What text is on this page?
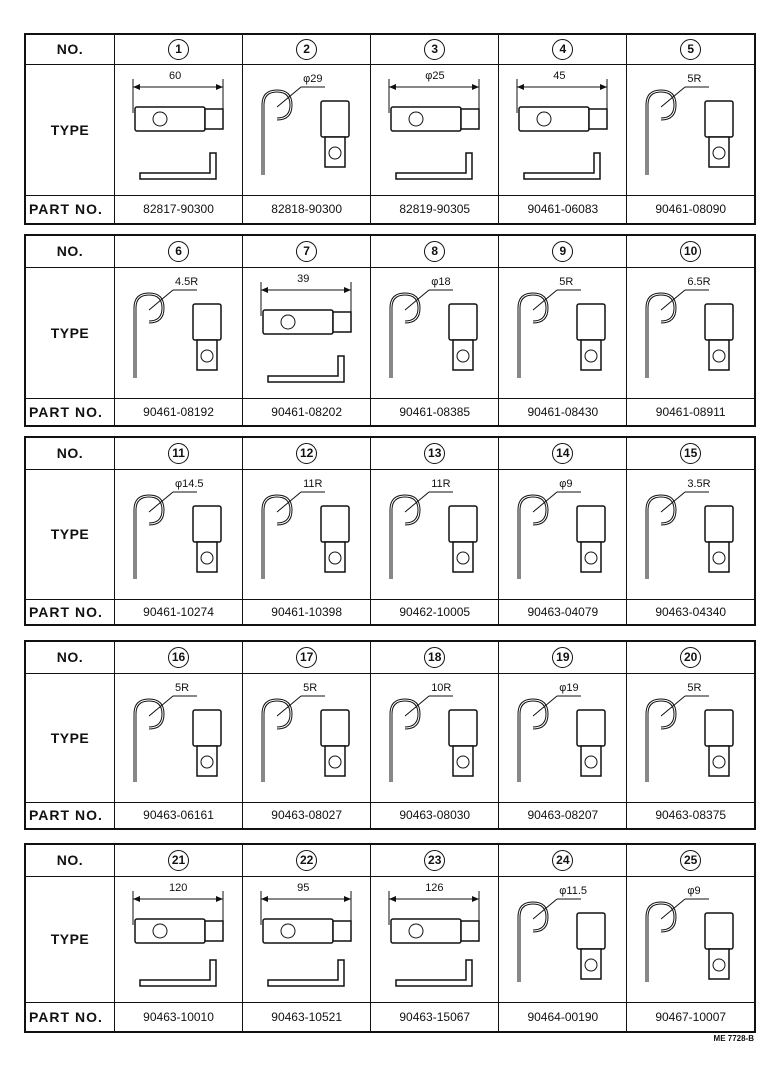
NO.	1	2	3	4	5
TYPE	60	φ29	φ25	45	5R

PART NO.	82817-90300	82818-90300	82819-90305	90461-06083	90461-08090
NO.	6	7	8	9	10
TYPE	4.5R	39	φ18	5R	6.5R

PART NO.	90461-08192	90461-08202	90461-08385	90461-08430	90461-08911
NO.	11	12	13	14	15
TYPE	φ14.5	11R	11R	φ9	3.5R

PART NO.	90461-10274	90461-10398	90462-10005	90463-04079	90463-04340
NO.	16	17	18	19	20
TYPE	5R	5R	10R	φ19	5R

PART NO.	90463-06161	90463-08027	90463-08030	90463-08207	90463-08375
NO.	21	22	23	24	25
TYPE	120	95	126	φ11.5	φ9

PART NO.	90463-10010	90463-10521	90463-15067	90464-00190	90467-10007
ME 7728-B
